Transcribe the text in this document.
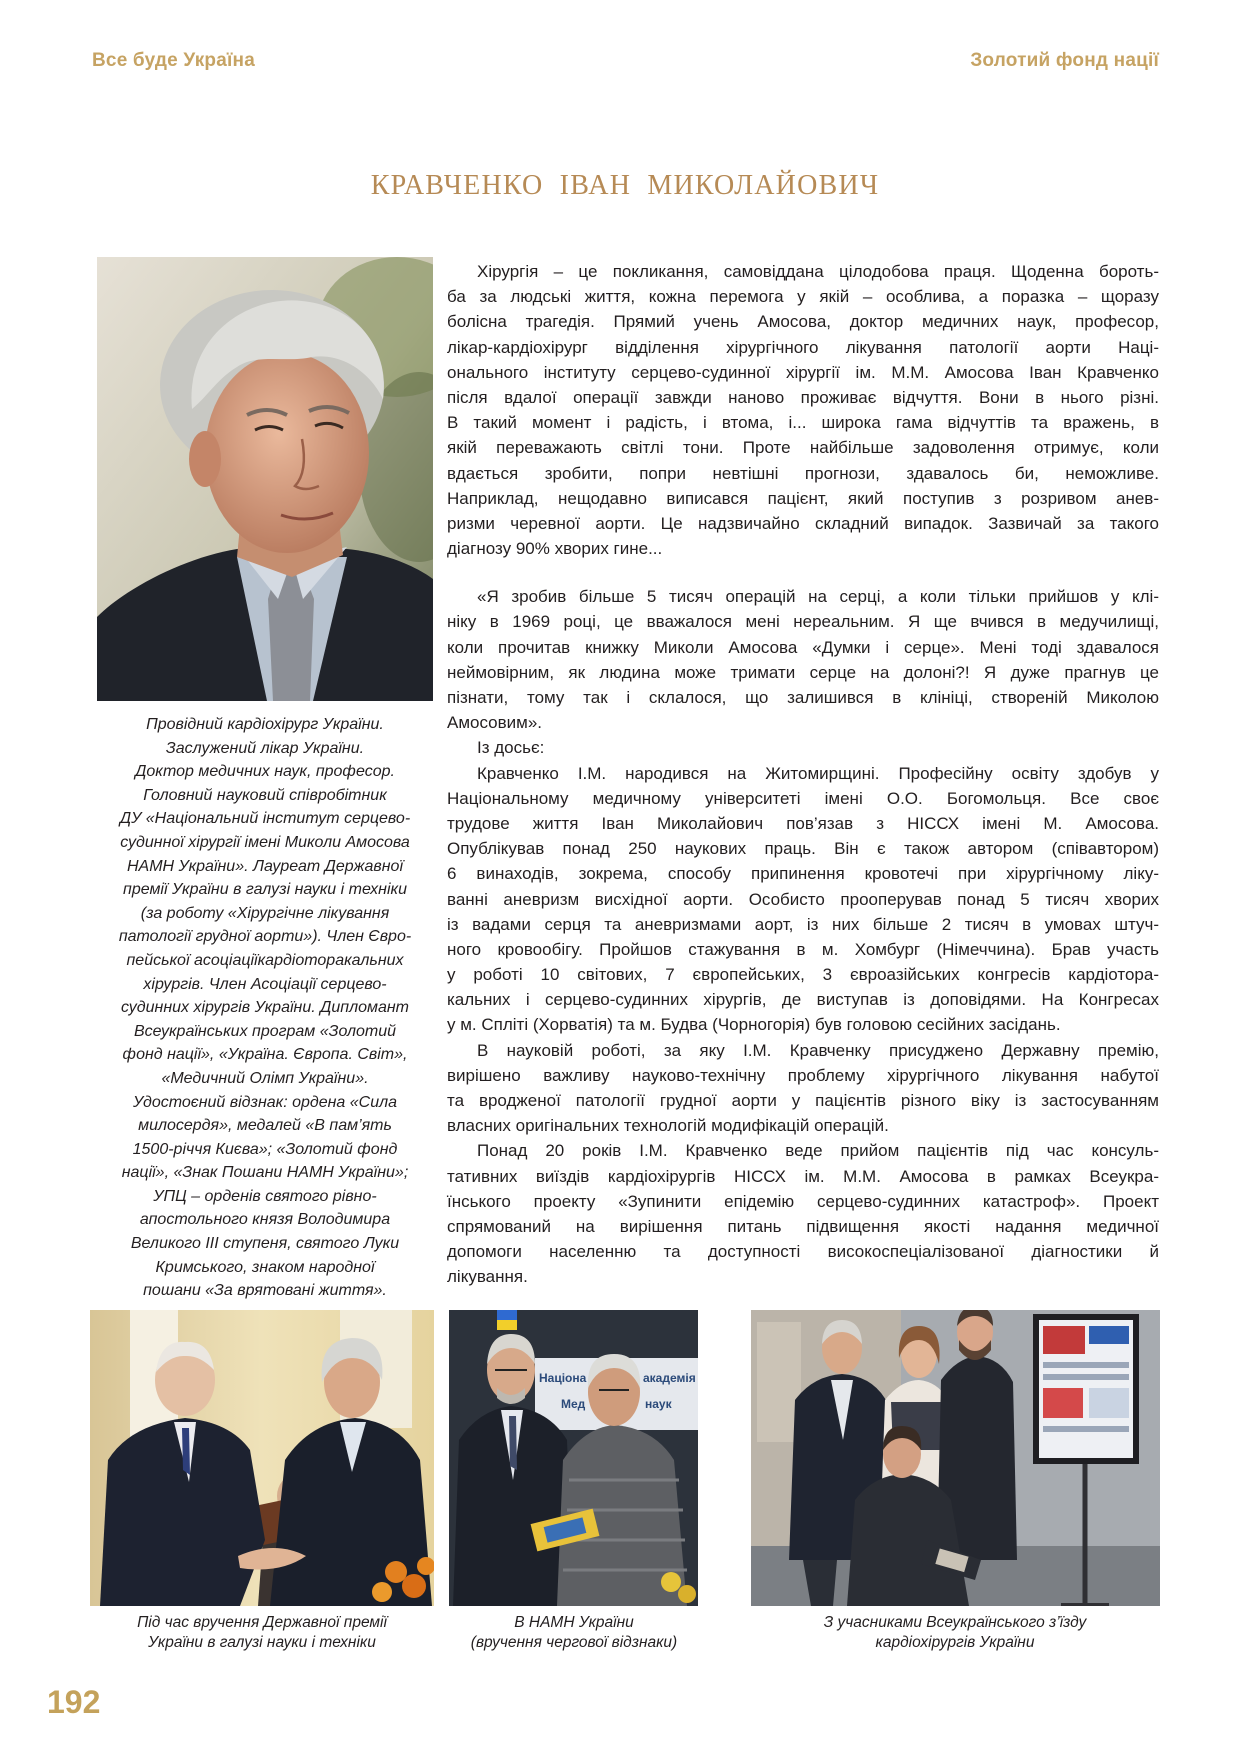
Все буде Україна	Золотий фонд нації
КРАВЧЕНКО ІВАН МИКОЛАЙОВИЧ
Провідний кардіохірург України.
Заслужений лікар України.
Доктор медичних наук, професор.
Головний науковий співробітник
ДУ «Національний інститут серцево-
судинної хірургії імені Миколи Амосова
НАМН України». Лауреат Державної
премії України в галузі науки і техніки
(за роботу «Хірургічне лікування
патології грудної аорти»). Член Євро-
пейської асоціаціїкардіоторакальних
хірургів. Член Асоціації серцево-
судинних хірургів України. Дипломант
Всеукраїнських програм «Золотий
фонд нації», «Україна. Європа. Світ»,
«Медичний Олімп України».
Удостоєний відзнак: ордена «Сила
милосердя», медалей «В пам’ять
1500-річчя Києва»; «Золотий фонд
нації», «Знак Пошани НАМН України»;
УПЦ – орденів святого рівно-
апостольного князя Володимира
Великого ІІІ ступеня, святого Луки
Кримського, знаком народної
пошани «За врятовані життя».
Хірургія – це покликання, самовіддана цілодобова праця. Щоденна бороть-
ба за людські життя, кожна перемога у якій – особлива, а поразка – щоразу
болісна трагедія. Прямий учень Амосова, доктор медичних наук, професор,
лікар-кардіохірург відділення хірургічного лікування патології аорти Наці-
онального інституту серцево-судинної хірургії ім. М.М. Амосова Іван Кравченко
після вдалої операції завжди наново проживає відчуття. Вони в нього різні.
В такий момент і радість, і втома, і... широка гама відчуттів та вражень, в
якій переважають світлі тони. Проте найбільше задоволення отримує, коли
вдається зробити, попри невтішні прогнози, здавалось би, неможливе.
Наприклад, нещодавно виписався пацієнт, який поступив з розривом анев-
ризми черевної аорти. Це надзвичайно складний випадок. Зазвичай за такого
діагнозу 90% хворих гине...
«Я зробив більше 5 тисяч операцій на серці, а коли тільки прийшов у клі-
ніку в 1969 році, це вважалося мені нереальним. Я ще вчився в медучилищі,
коли прочитав книжку Миколи Амосова «Думки і серце». Мені тоді здавалося
неймовірним, як людина може тримати серце на долоні?! Я дуже прагнув це
пізнати, тому так і склалося, що залишився в клініці, створеній Миколою
Амосовим».
Із досьє:
Кравченко І.М. народився на Житомирщині. Професійну освіту здобув у
Національному медичному університеті імені О.О. Богомольця. Все своє
трудове життя Іван Миколайович пов’язав з НІССХ імені М. Амосова.
Опублікував понад 250 наукових праць. Він є також автором (співавтором)
6 винаходів, зокрема, способу припинення кровотечі при хірургічному ліку-
ванні аневризм висхідної аорти. Особисто прооперував понад 5 тисяч хворих
із вадами серця та аневризмами аорт, із них більше 2 тисяч в умовах штуч-
ного кровообігу. Пройшов стажування в м. Хомбург (Німеччина). Брав участь
у роботі 10 світових, 7 європейських, 3 євроазійських конгресів кардіотора-
кальних і серцево-судинних хірургів, де виступав із доповідями. На Конгресах
у м. Спліті (Хорватія) та м. Будва (Чорногорія) був головою сесійних засідань.
В науковій роботі, за яку І.М. Кравченку присуджено Державну премію,
вирішено важливу науково-технічну проблему хірургічного лікування набутої
та вродженої патології грудної аорти у пацієнтів різного віку із застосуванням
власних оригінальних технологій модифікацій операцій.
Понад 20 років І.М. Кравченко веде прийом пацієнтів під час консуль-
тативних виїздів кардіохірургів НІССХ ім. М.М. Амосова в рамках Всеукра-
їнського проекту «Зупинити епідемію серцево-судинних катастроф». Проект
спрямований на вирішення питань підвищення якості надання медичної
допомоги населенню та доступності високоспеціалізованої діагностики й
лікування.
Націона	академія
Мед	наук
Під час вручення Державної премії
України в галузі науки і техніки
В НАМН України
(вручення чергової відзнаки)
З учасниками Всеукраїнського з’їзду
кардіохірургів України
192
